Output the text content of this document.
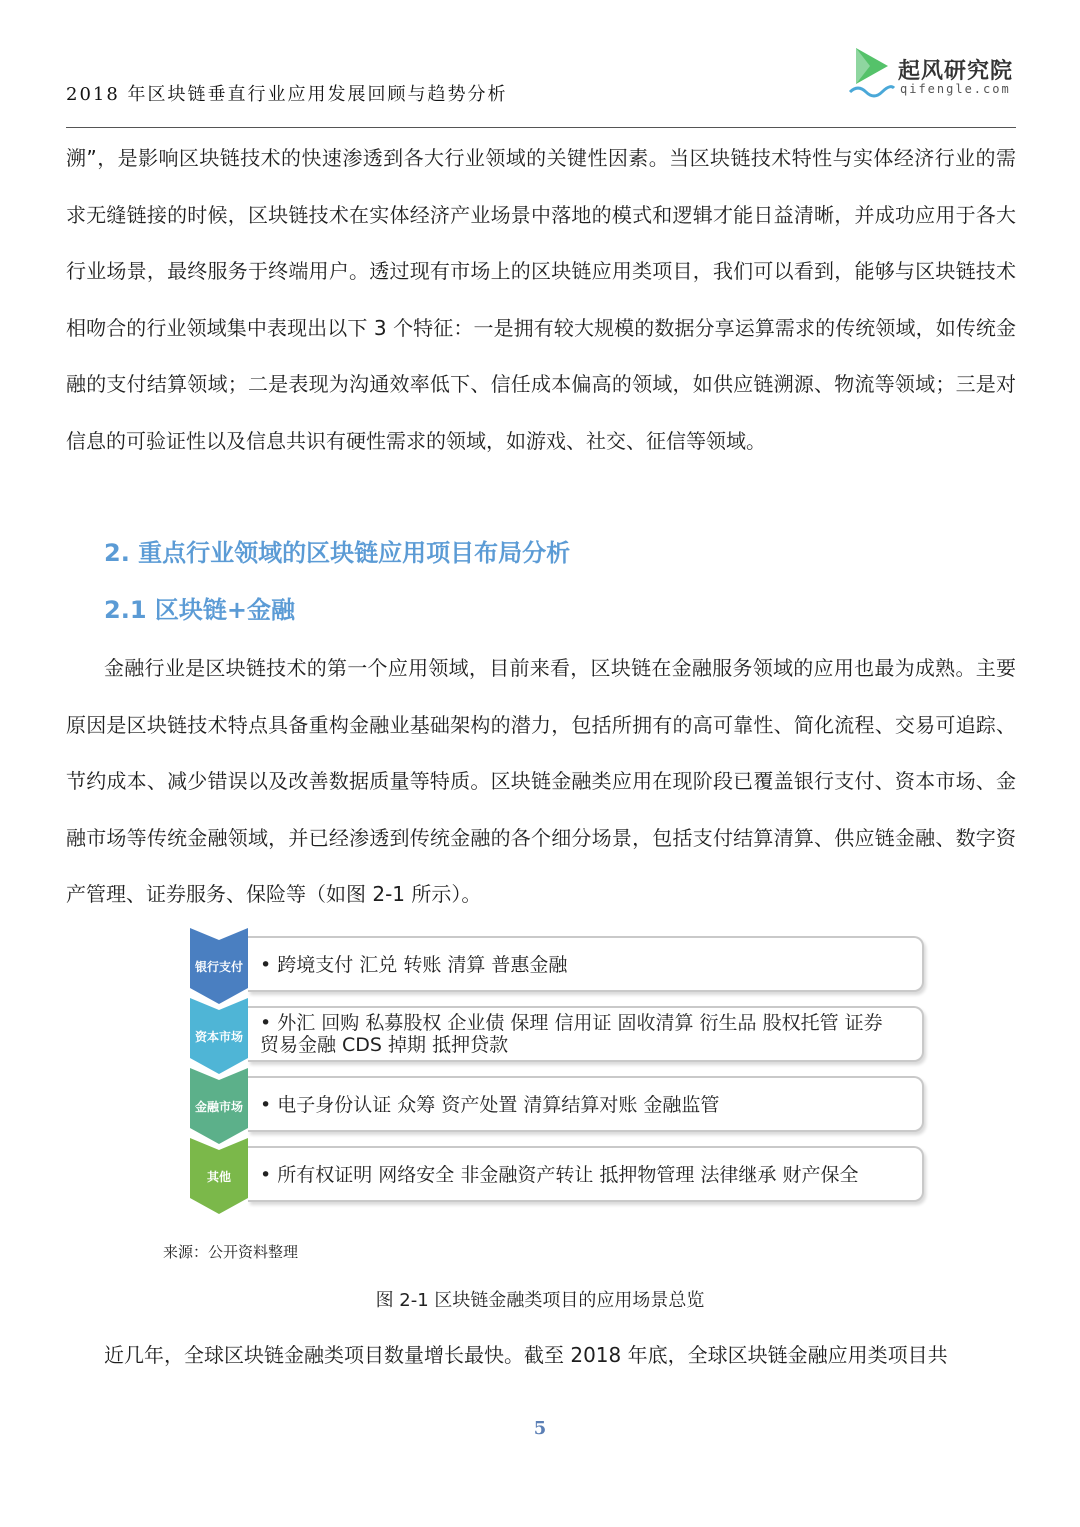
2018 年区块链垂直行业应用发展回顾与趋势分析
起风研究院
qifengle.com

溯”，是影响区块链技术的快速渗透到各大行业领域的关键性因素。当区块链技术特性与实体经济行业的需求无缝链接的时候，区块链技术在实体经济产业场景中落地的模式和逻辑才能日益清晰，并成功应用于各大行业场景，最终服务于终端用户。透过现有市场上的区块链应用类项目，我们可以看到，能够与区块链技术相吻合的行业领域集中表现出以下 3 个特征：一是拥有较大规模的数据分享运算需求的传统领域，如传统金融的支付结算领域；二是表现为沟通效率低下、信任成本偏高的领域，如供应链溯源、物流等领域；三是对信息的可验证性以及信息共识有硬性需求的领域，如游戏、社交、征信等领域。

2. 重点行业领域的区块链应用项目布局分析
2.1 区块链+金融

金融行业是区块链技术的第一个应用领域，目前来看，区块链在金融服务领域的应用也最为成熟。主要原因是区块链技术特点具备重构金融业基础架构的潜力，包括所拥有的高可靠性、简化流程、交易可追踪、节约成本、减少错误以及改善数据质量等特质。区块链金融类应用在现阶段已覆盖银行支付、资本市场、金融市场等传统金融领域，并已经渗透到传统金融的各个细分场景，包括支付结算清算、供应链金融、数字资产管理、证券服务、保险等（如图 2-1 所示）。

银行支付 • 跨境支付 汇兑 转账 清算 普惠金融
资本市场
• 外汇 回购 私募股权 企业债 保理 信用证 固收清算 衍生品 股权托管 证券
贸易金融 CDS 掉期 抵押贷款
金融市场 • 电子身份认证 众筹 资产处置 清算结算对账 金融监管
其他	• 所有权证明 网络安全 非金融资产转让 抵押物管理 法律继承 财产保全
来源：公开资料整理
图 2-1 区块链金融类项目的应用场景总览

近几年，全球区块链金融类项目数量增长最快。截至 2018 年底，全球区块链金融应用类项目共

5
